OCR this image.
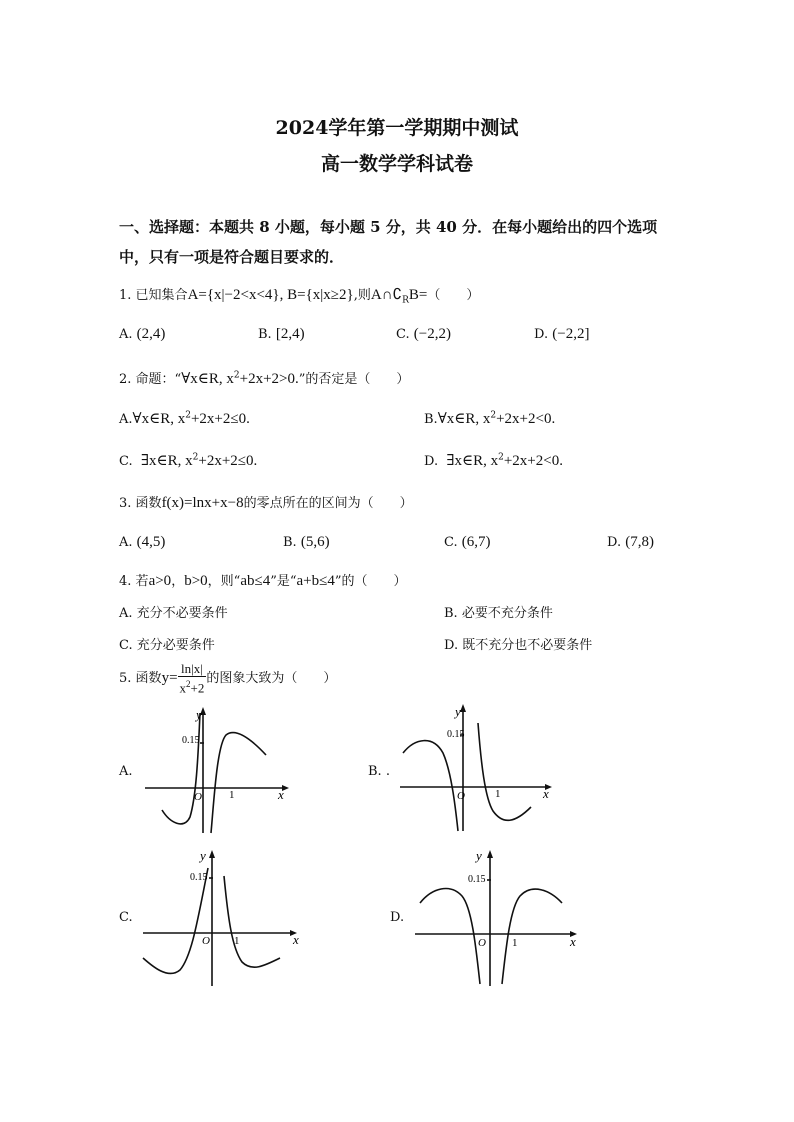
2024学年第一学期期中测试
高一数学学科试卷
一、选择题：本题共 8 小题，每小题 5 分，共 40 分．在每小题给出的四个选项
中，只有一项是符合题目要求的．
1. 已知集合A={x|−2<x<4}, B={x|x≥2},则$A\cap∁_RB=$（　　）
A. (2,4)	B. [2,4)	C. (−2,2)	D. (−2,2]
2. 命题：“∀x∈R, $x^2+2x+2>0$.”的否定是（　　）
A.∀x∈R, $x^2+2x+2\le 0$.	B.∀x∈R, $x^2+2x+2<0$.
C. ∃x∈R, $x^2+2x+2\le 0$.	D. ∃x∈R, $x^2+2x+2<0$.
3. 函数f(x)=lnx+x−8的零点所在的区间为（　　）
A. (4,5)	B. (5,6)	C. (6,7)	D. (7,8)
4. 若a>0，b>0，则“ab≤4”是“a+b≤4”的（　　）
A. 充分不必要条件	B. 必要不充分条件
C. 充分必要条件	D. 既不充分也不必要条件
5. 函数$y= \frac{\ln|x|}{x^2+2}$ 的图象大致为（　　）
A.	B. .
C.	D.
y
x
0.15
O 1
y
x
0.15
O	1
y
x
0.15
O 1
y
x
0.15
O 1
